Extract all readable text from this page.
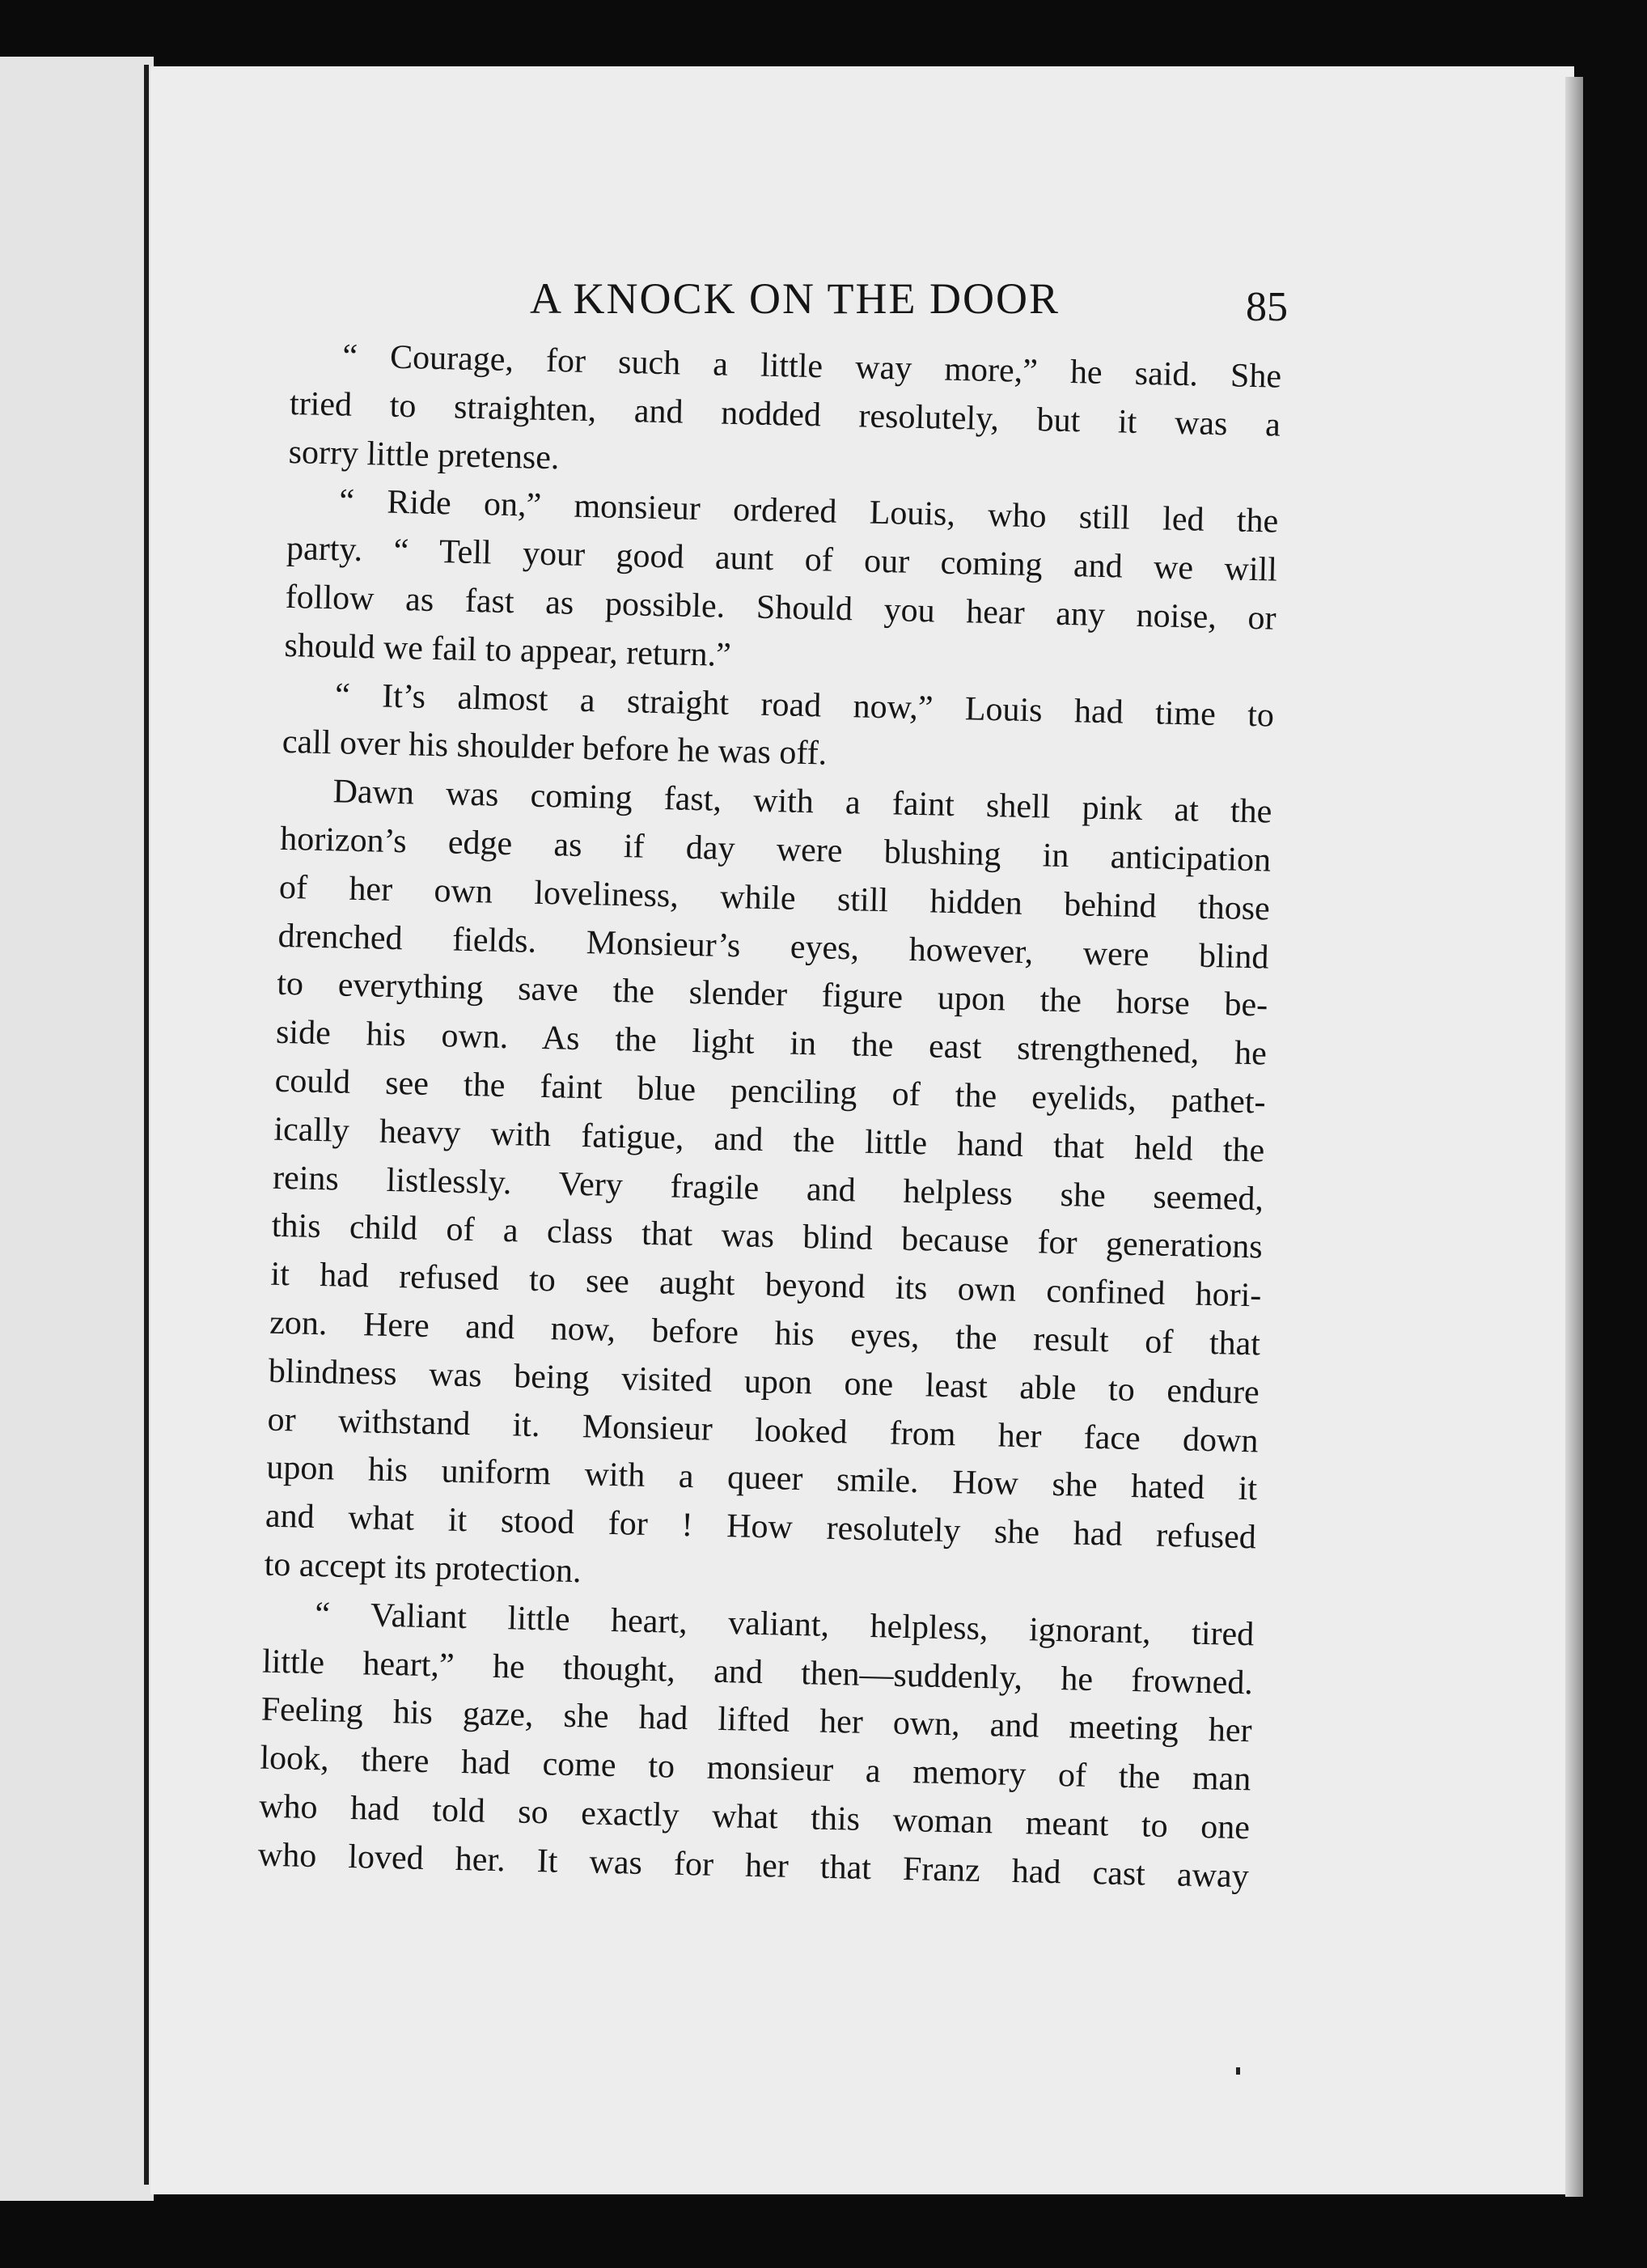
A KNOCK ON THE DOOR	85
“ Courage, for such a little way more,” he said. She
tried to straighten, and nodded resolutely, but it was a
sorry little pretense.
“ Ride on,” monsieur ordered Louis, who still led the
party. “ Tell your good aunt of our coming and we will
follow as fast as possible. Should you hear any noise, or
should we fail to appear, return.”
“ It’s almost a straight road now,” Louis had time to
call over his shoulder before he was off.
Dawn was coming fast, with a faint shell pink at the
horizon’s edge as if day were blushing in anticipation
of her own loveliness, while still hidden behind those
drenched fields. Monsieur’s eyes, however, were blind
to everything save the slender figure upon the horse be-
side his own. As the light in the east strengthened, he
could see the faint blue penciling of the eyelids, pathet-
ically heavy with fatigue, and the little hand that held the
reins listlessly. Very fragile and helpless she seemed,
this child of a class that was blind because for generations
it had refused to see aught beyond its own confined hori-
zon. Here and now, before his eyes, the result of that
blindness was being visited upon one least able to endure
or withstand it. Monsieur looked from her face down
upon his uniform with a queer smile. How she hated it
and what it stood for ! How resolutely she had refused
to accept its protection.
“ Valiant little heart, valiant, helpless, ignorant, tired
little heart,” he thought, and then—suddenly, he frowned.
Feeling his gaze, she had lifted her own, and meeting her
look, there had come to monsieur a memory of the man
who had told so exactly what this woman meant to one
who loved her. It was for her that Franz had cast away
